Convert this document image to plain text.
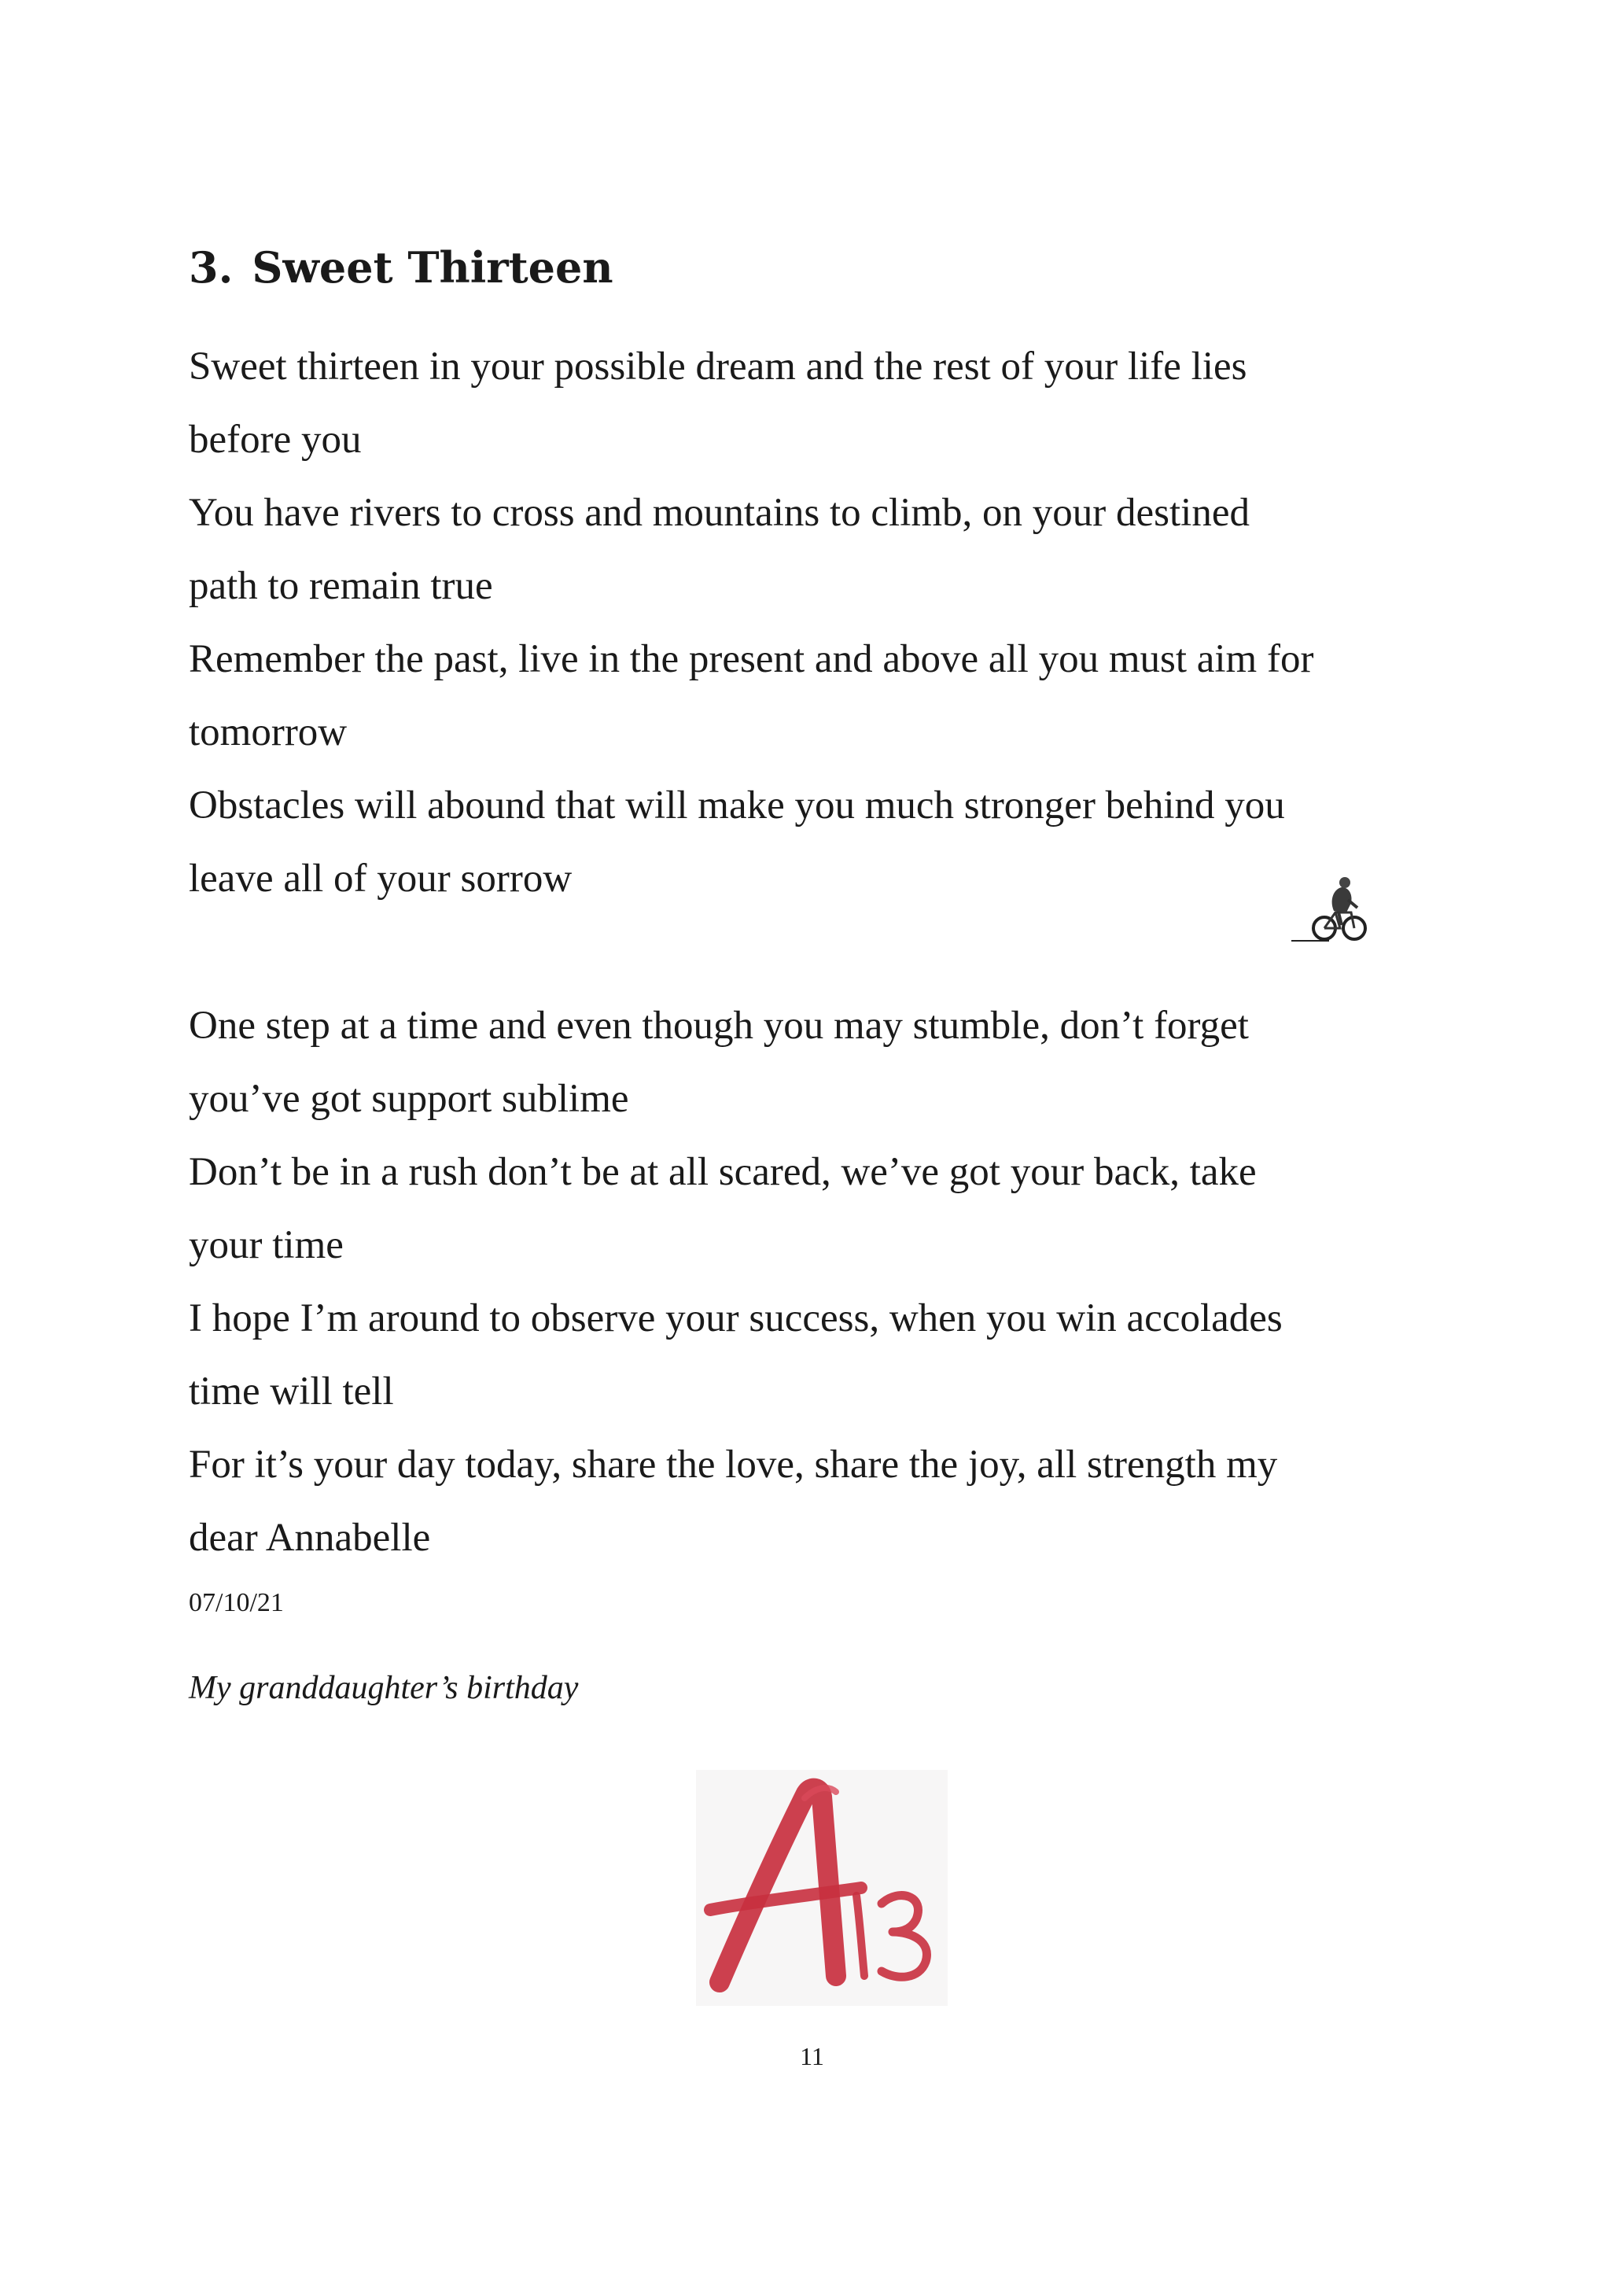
3. Sweet Thirteen

Sweet thirteen in your possible dream and the rest of your life lies
before you
You have rivers to cross and mountains to climb, on your destined
path to remain true
Remember the past, live in the present and above all you must aim for
tomorrow
Obstacles will abound that will make you much stronger behind you
leave all of your sorrow

One step at a time and even though you may stumble, don’t forget
you’ve got support sublime
Don’t be in a rush don’t be at all scared, we’ve got your back, take
your time
I hope I’m around to observe your success, when you win accolades
time will tell
For it’s your day today, share the love, share the joy, all strength my
dear Annabelle

07/10/21
My granddaughter’s birthday
11
